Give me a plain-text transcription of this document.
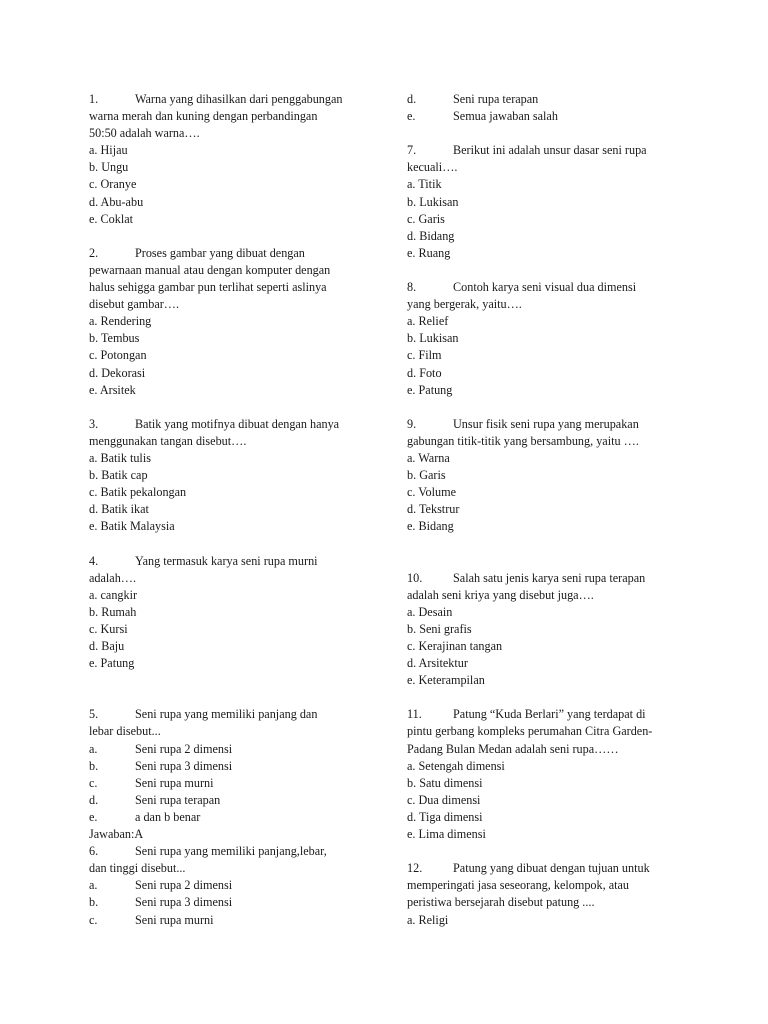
1.	Warna yang dihasilkan dari penggabungan
warna merah dan kuning dengan perbandingan
50:50 adalah warna….
a. Hijau
b. Ungu
c. Oranye
d. Abu-abu
e. Coklat
2.	Proses gambar yang dibuat dengan
pewarnaan manual atau dengan komputer dengan
halus sehigga gambar pun terlihat seperti aslinya
disebut gambar….
a. Rendering
b. Tembus
c. Potongan
d. Dekorasi
e. Arsitek
3.	Batik yang motifnya dibuat dengan hanya
menggunakan tangan disebut….
a. Batik tulis
b. Batik cap
c. Batik pekalongan
d. Batik ikat
e. Batik Malaysia
4.	Yang termasuk karya seni rupa murni
adalah….
a. cangkir
b. Rumah
c. Kursi
d. Baju
e. Patung
5.	Seni rupa yang memiliki panjang dan
lebar disebut...
a.	Seni rupa 2 dimensi
b.	Seni rupa 3 dimensi
c.	Seni rupa murni
d.	Seni rupa terapan
e.	a dan b benar
Jawaban:A
6.	Seni rupa yang memiliki panjang,lebar,
dan tinggi disebut...
a.	Seni rupa 2 dimensi
b.	Seni rupa 3 dimensi
c.	Seni rupa murni
d.	Seni rupa terapan
e.	Semua jawaban salah
7.	Berikut ini adalah unsur dasar seni rupa
kecuali….
a. Titik
b. Lukisan
c. Garis
d. Bidang
e. Ruang
8.	Contoh karya seni visual dua dimensi
yang bergerak, yaitu….
a. Relief
b. Lukisan
c. Film
d. Foto
e. Patung
9.	Unsur fisik seni rupa yang merupakan
gabungan titik-titik yang bersambung, yaitu ….
a. Warna
b. Garis
c. Volume
d. Tekstrur
e. Bidang
10.	Salah satu jenis karya seni rupa terapan
adalah seni kriya yang disebut juga….
a. Desain
b. Seni grafis
c. Kerajinan tangan
d. Arsitektur
e. Keterampilan
11.	Patung “Kuda Berlari” yang terdapat di
pintu gerbang kompleks perumahan Citra Garden-
Padang Bulan Medan adalah seni rupa……
a. Setengah dimensi
b. Satu dimensi
c. Dua dimensi
d. Tiga dimensi
e. Lima dimensi
12.	Patung yang dibuat dengan tujuan untuk
memperingati jasa seseorang, kelompok, atau
peristiwa bersejarah disebut patung ....
a. Religi
